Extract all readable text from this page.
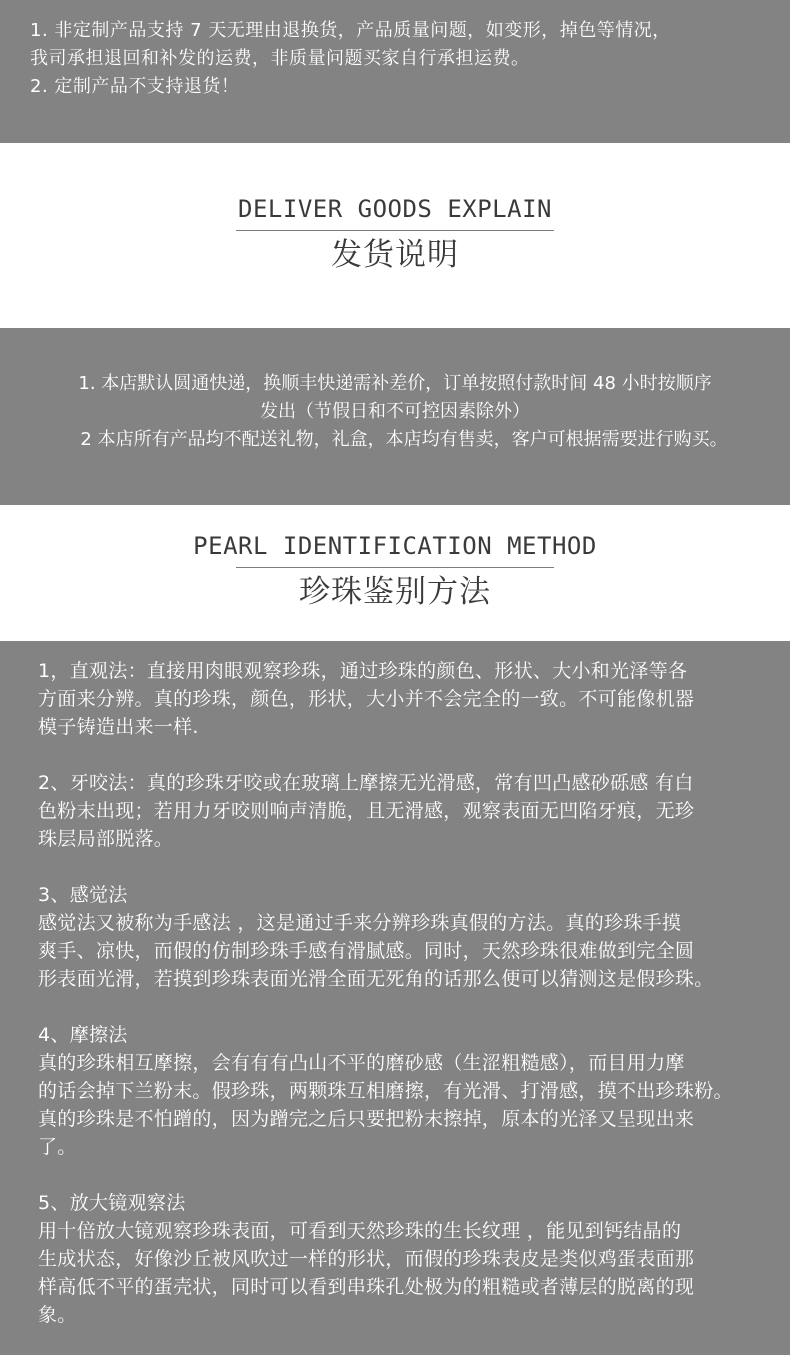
1. 非定制产品支持 7 天无理由退换货，产品质量问题，如变形，掉色等情况，

我司承担退回和补发的运费，非质量问题买家自行承担运费。

2. 定制产品不支持退货！

DELIVER GOODS EXPLAIN
发货说明

1. 本店默认圆通快递，换顺丰快递需补差价，订单按照付款时间 48 小时按顺序

发出（节假日和不可控因素除外）

2 本店所有产品均不配送礼物，礼盒，本店均有售卖，客户可根据需要进行购买。

PEARL IDENTIFICATION METHOD
珍珠鉴别方法

1，直观法：直接用肉眼观察珍珠，通过珍珠的颜色、形状、大小和光泽等各

方面来分辨。真的珍珠，颜色，形状，大小并不会完全的一致。不可能像机器

模子铸造出来一样.

2、牙咬法：真的珍珠牙咬或在玻璃上摩擦无光滑感，常有凹凸感砂砾感 有白

色粉末出现；若用力牙咬则响声清脆，且无滑感，观察表面无凹陷牙痕，无珍

珠层局部脱落。

3、感觉法

感觉法又被称为手感法 ，这是通过手来分辨珍珠真假的方法。真的珍珠手摸

爽手、凉快，而假的仿制珍珠手感有滑腻感。同时，天然珍珠很难做到完全圆

形表面光滑，若摸到珍珠表面光滑全面无死角的话那么便可以猜测这是假珍珠。

4、摩擦法

真的珍珠相互摩擦，会有有有凸山不平的磨砂感（生涩粗糙感），而目用力摩

的话会掉下兰粉末。假珍珠，两颗珠互相磨擦，有光滑、打滑感，摸不出珍珠粉。

真的珍珠是不怕蹭的，因为蹭完之后只要把粉末擦掉，原本的光泽又呈现出来

了。

5、放大镜观察法

用十倍放大镜观察珍珠表面，可看到天然珍珠的生长纹理 ，能见到钙结晶的

生成状态，好像沙丘被风吹过一样的形状，而假的珍珠表皮是类似鸡蛋表面那

样高低不平的蛋壳状，同时可以看到串珠孔处极为的粗糙或者薄层的脱离的现

象。
